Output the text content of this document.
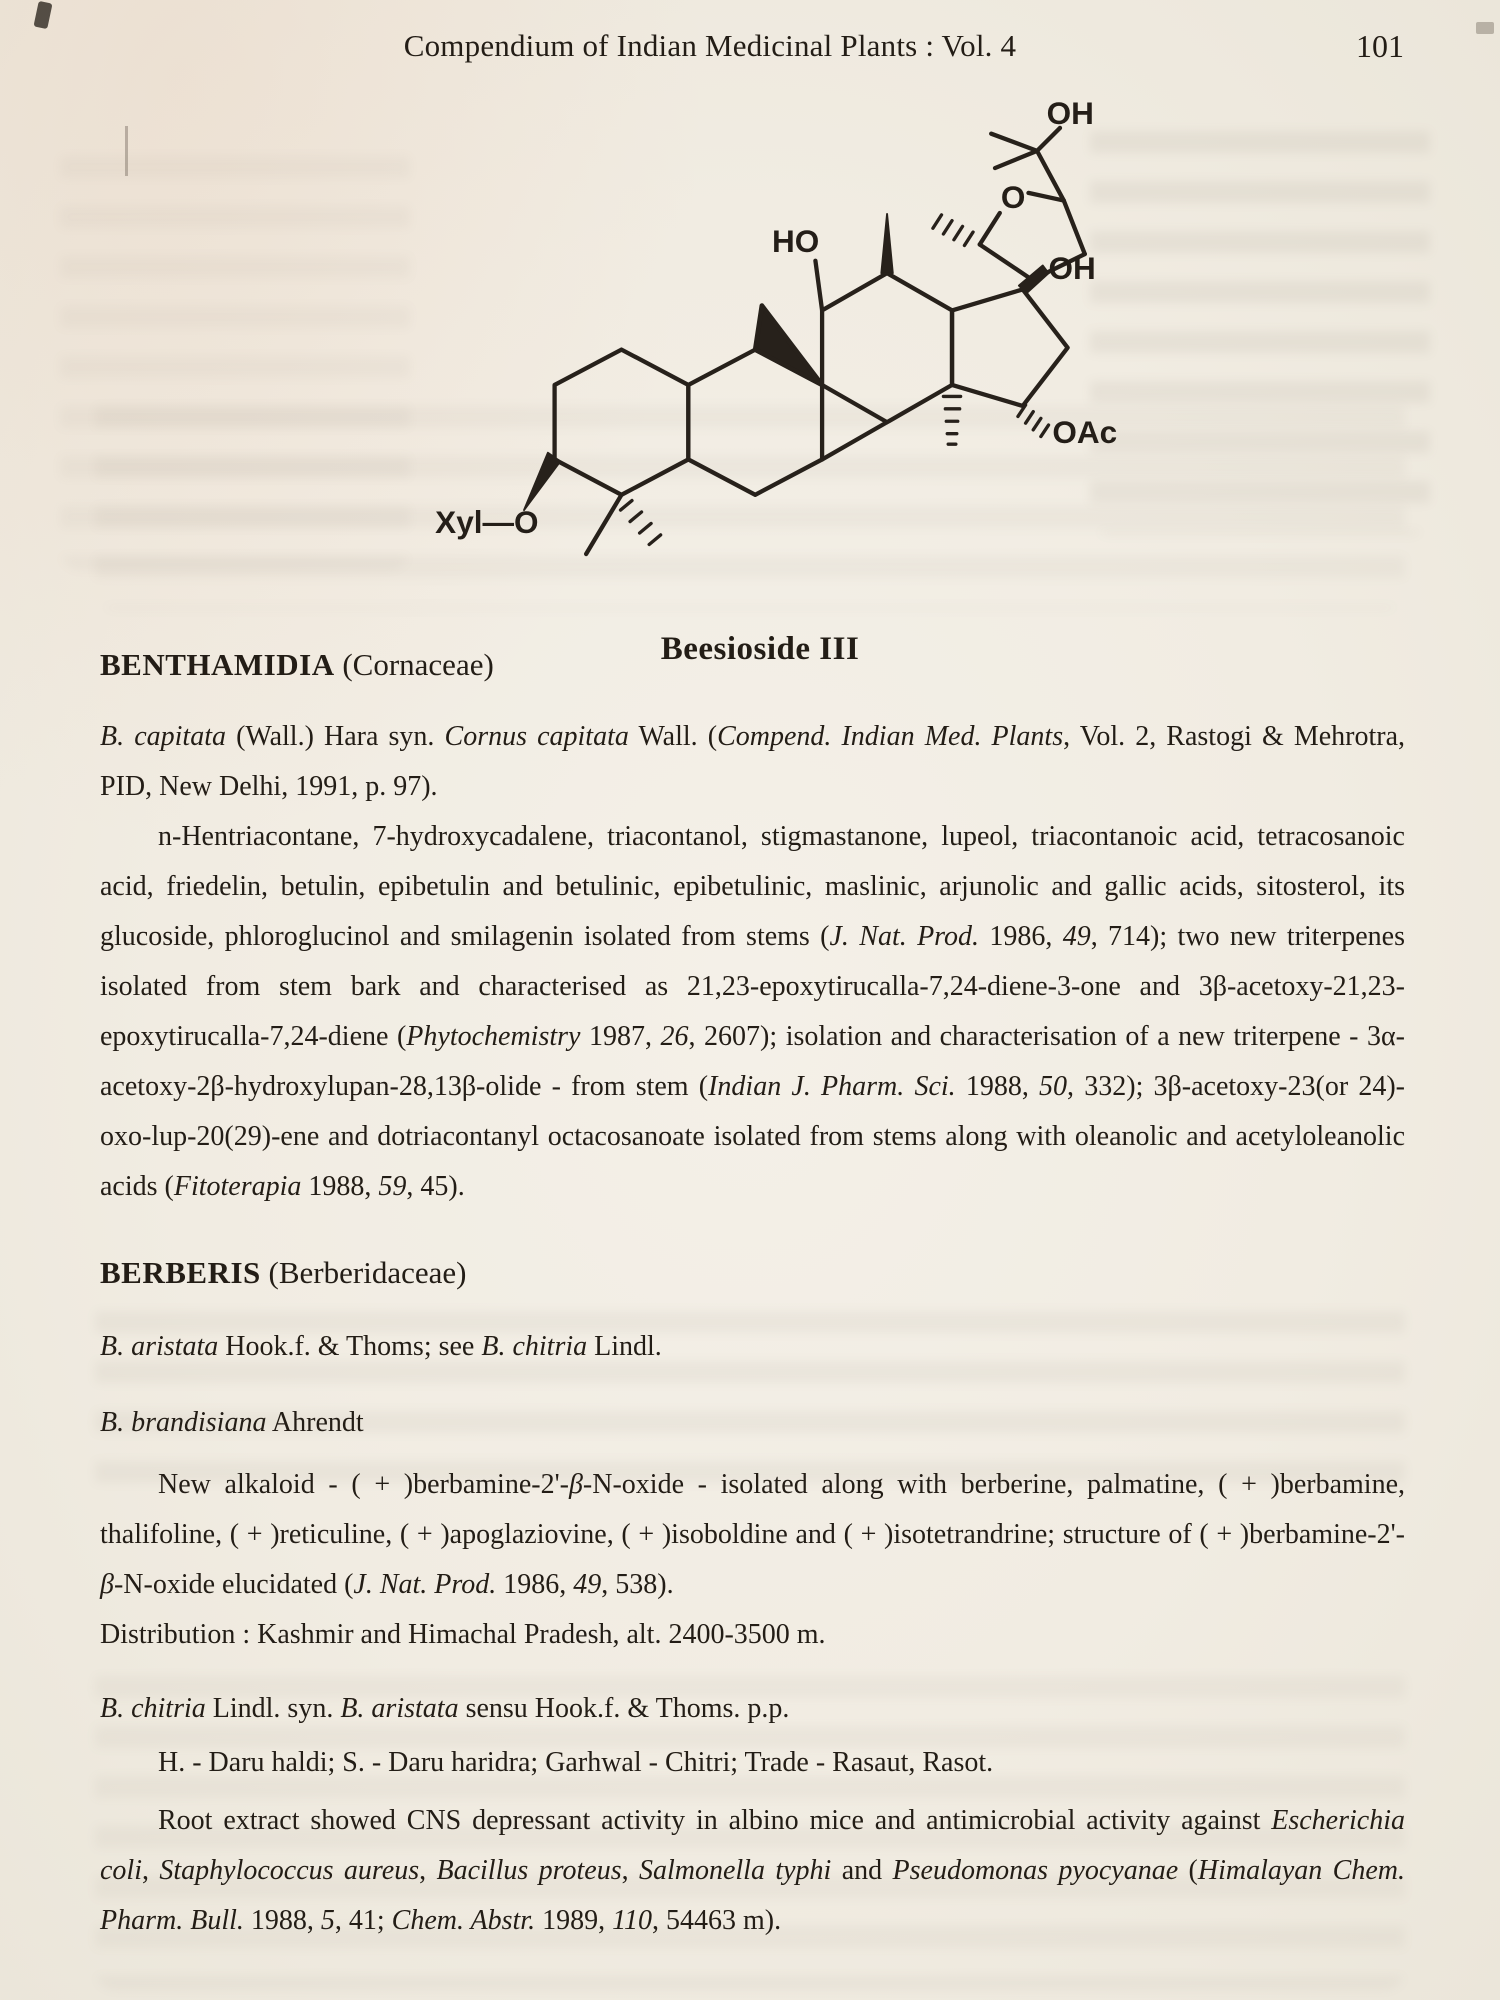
Compendium of Indian Medicinal Plants : Vol. 4	101
OH
O
HO
OH
OAc
Xyl—O
Beesioside III
BENTHAMIDIA (Cornaceae)

B. capitata (Wall.) Hara syn. Cornus capitata Wall. (Compend. Indian Med. Plants, Vol. 2, Rastogi & Mehrotra, PID, New Delhi, 1991, p. 97).

n-Hentriacontane, 7-hydroxycadalene, triacontanol, stigmastanone, lupeol, triacontanoic acid, tetracosanoic acid, friedelin, betulin, epibetulin and betulinic, epibetulinic, maslinic, arjunolic and gallic acids, sitosterol, its glucoside, phloroglucinol and smilagenin isolated from stems (J. Nat. Prod. 1986, 49, 714); two new triterpenes isolated from stem bark and characterised as 21,23-epoxytirucalla-7,24-diene-3-one and 3β-acetoxy-21,23-epoxytirucalla-7,24-diene (Phytochemistry 1987, 26, 2607); isolation and characterisation of a new triterpene - 3α-acetoxy-2β-hydroxylupan-28,13β-olide - from stem (Indian J. Pharm. Sci. 1988, 50, 332); 3β-acetoxy-23(or 24)-oxo-lup-20(29)-ene and dotriacontanyl octacosanoate isolated from stems along with oleanolic and acetyloleanolic acids (Fitoterapia 1988, 59, 45).

BERBERIS (Berberidaceae)

B. aristata Hook.f. & Thoms; see B. chitria Lindl.

B. brandisiana Ahrendt

New alkaloid - ( + )berbamine-2'-β-N-oxide - isolated along with berberine, palmatine, ( + )berbamine, thalifoline, ( + )reticuline, ( + )apoglaziovine, ( + )isoboldine and ( + )isotetrandrine; structure of ( + )berbamine-2'-β-N-oxide elucidated (J. Nat. Prod. 1986, 49, 538).

Distribution : Kashmir and Himachal Pradesh, alt. 2400-3500 m.

B. chitria Lindl. syn. B. aristata sensu Hook.f. & Thoms. p.p.

H. - Daru haldi; S. - Daru haridra; Garhwal - Chitri; Trade - Rasaut, Rasot.

Root extract showed CNS depressant activity in albino mice and antimicrobial activity against Escherichia coli, Staphylococcus aureus, Bacillus proteus, Salmonella typhi and Pseudomonas pyocyanae (Himalayan Chem. Pharm. Bull. 1988, 5, 41; Chem. Abstr. 1989, 110, 54463 m).
